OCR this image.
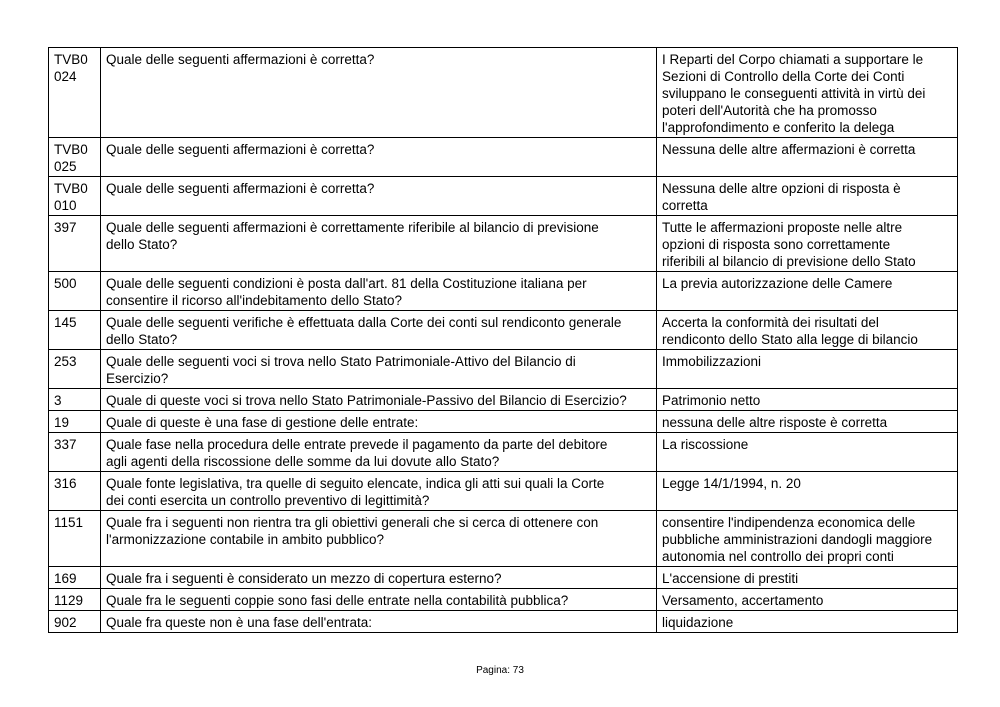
TVB0
024	Quale delle seguenti affermazioni è corretta?	I Reparti del Corpo chiamati a supportare le
Sezioni di Controllo della Corte dei Conti
sviluppano le conseguenti attività in virtù dei
poteri dell'Autorità che ha promosso
l'approfondimento e conferito la delega
TVB0
025	Quale delle seguenti affermazioni è corretta?	Nessuna delle altre affermazioni è corretta
TVB0
010	Quale delle seguenti affermazioni è corretta?	Nessuna delle altre opzioni di risposta è
corretta
397	Quale delle seguenti affermazioni è correttamente riferibile al bilancio di previsione
dello Stato?	Tutte le affermazioni proposte nelle altre
opzioni di risposta sono correttamente
riferibili al bilancio di previsione dello Stato
500	Quale delle seguenti condizioni è posta dall'art. 81 della Costituzione italiana per
consentire il ricorso all'indebitamento dello Stato?	La previa autorizzazione delle Camere
145	Quale delle seguenti verifiche è effettuata dalla Corte dei conti sul rendiconto generale
dello Stato?	Accerta la conformità dei risultati del
rendiconto dello Stato alla legge di bilancio
253	Quale delle seguenti voci si trova nello Stato Patrimoniale-Attivo del Bilancio di
Esercizio?	Immobilizzazioni
3	Quale di queste voci si trova nello Stato Patrimoniale-Passivo del Bilancio di Esercizio?	Patrimonio netto
19	Quale di queste è una fase di gestione delle entrate:	nessuna delle altre risposte è corretta
337	Quale fase nella procedura delle entrate prevede il pagamento da parte del debitore
agli agenti della riscossione delle somme da lui dovute allo Stato?	La riscossione
316	Quale fonte legislativa, tra quelle di seguito elencate, indica gli atti sui quali la Corte
dei conti esercita un controllo preventivo di legittimità?	Legge 14/1/1994, n. 20
1151	Quale fra i seguenti non rientra tra gli obiettivi generali che si cerca di ottenere con
l'armonizzazione contabile in ambito pubblico?	consentire l'indipendenza economica delle
pubbliche amministrazioni dandogli maggiore
autonomia nel controllo dei propri conti
169	Quale fra i seguenti è considerato un mezzo di copertura esterno?	L'accensione di prestiti
1129	Quale fra le seguenti coppie sono fasi delle entrate nella contabilità pubblica?	Versamento, accertamento
902	Quale fra queste non è una fase dell'entrata:	liquidazione
Pagina: 73
